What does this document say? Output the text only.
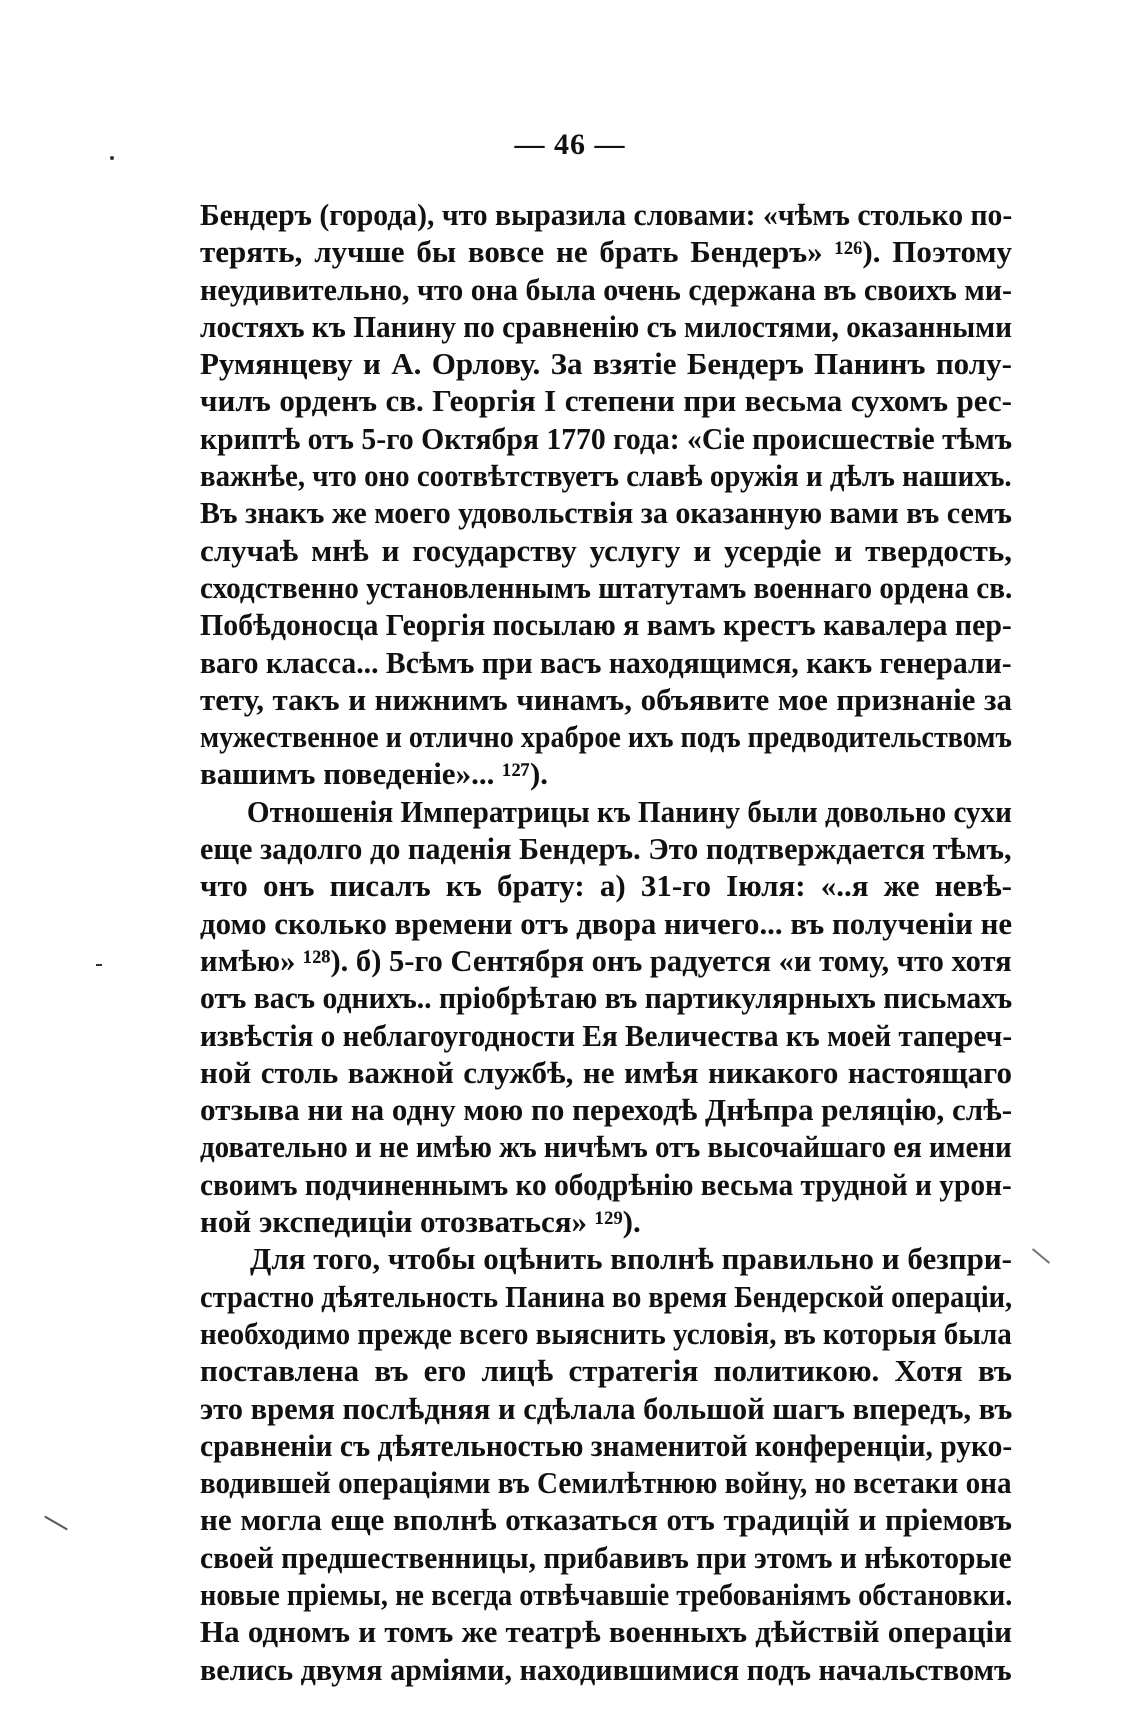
— 46 —
Бендеръ (города), что выразила словами: «чѣмъ столько по-
терять, лучше бы вовсе не брать Бендеръ» ¹²⁶). Поэтому
неудивительно, что она была очень сдержана въ своихъ ми-
лостяхъ къ Панину по сравненію съ милостями, оказанными
Румянцеву и А. Орлову. За взятіе Бендеръ Панинъ полу-
чилъ орденъ св. Георгія I степени при весьма сухомъ рес-
криптѣ отъ 5-го Октября 1770 года: «Сіе происшествіе тѣмъ
важнѣе, что оно соотвѣтствуетъ славѣ оружія и дѣлъ нашихъ.
Въ знакъ же моего удовольствія за оказанную вами въ семъ
случаѣ мнѣ и государству услугу и усердіе и твердость,
сходственно установленнымъ штатутамъ военнаго ордена св.
Побѣдоносца Георгія посылаю я вамъ крестъ кавалера пер-
ваго класса... Всѣмъ при васъ находящимся, какъ генерали-
тету, такъ и нижнимъ чинамъ, объявите мое признаніе за
мужественное и отлично храброе ихъ подъ предводительствомъ
вашимъ поведеніе»... ¹²⁷).
Отношенія Императрицы къ Панину были довольно сухи
еще задолго до паденія Бендеръ. Это подтверждается тѣмъ,
что онъ писалъ къ брату: а) 31-го Іюля: «..я же невѣ-
домо сколько времени отъ двора ничего... въ полученіи не
имѣю» ¹²⁸). б) 5-го Сентября онъ радуется «и тому, что хотя
отъ васъ однихъ.. пріобрѣтаю въ партикулярныхъ письмахъ
извѣстія о неблагоугодности Ея Величества къ моей тапереч-
ной столь важной службѣ, не имѣя никакого настоящаго
отзыва ни на одну мою по переходѣ Днѣпра реляцію, слѣ-
довательно и не имѣю жъ ничѣмъ отъ высочайшаго ея имени
своимъ подчиненнымъ ко ободрѣнію весьма трудной и урон-
ной экспедиціи отозваться» ¹²⁹).
Для того, чтобы оцѣнить вполнѣ правильно и безпри-
страстно дѣятельность Панина во время Бендерской операціи,
необходимо прежде всего выяснить условія, въ которыя была
поставлена въ его лицѣ стратегія политикою. Хотя въ
это время послѣдняя и сдѣлала большой шагъ впередъ, въ
сравненіи съ дѣятельностью знаменитой конференціи, руко-
водившей операціями въ Семилѣтнюю войну, но всетаки она
не могла еще вполнѣ отказаться отъ традицій и пріемовъ
своей предшественницы, прибавивъ при этомъ и нѣкоторые
новые пріемы, не всегда отвѣчавшіе требованіямъ обстановки.
На одномъ и томъ же театрѣ военныхъ дѣйствій операціи
велись двумя арміями, находившимися подъ начальствомъ
